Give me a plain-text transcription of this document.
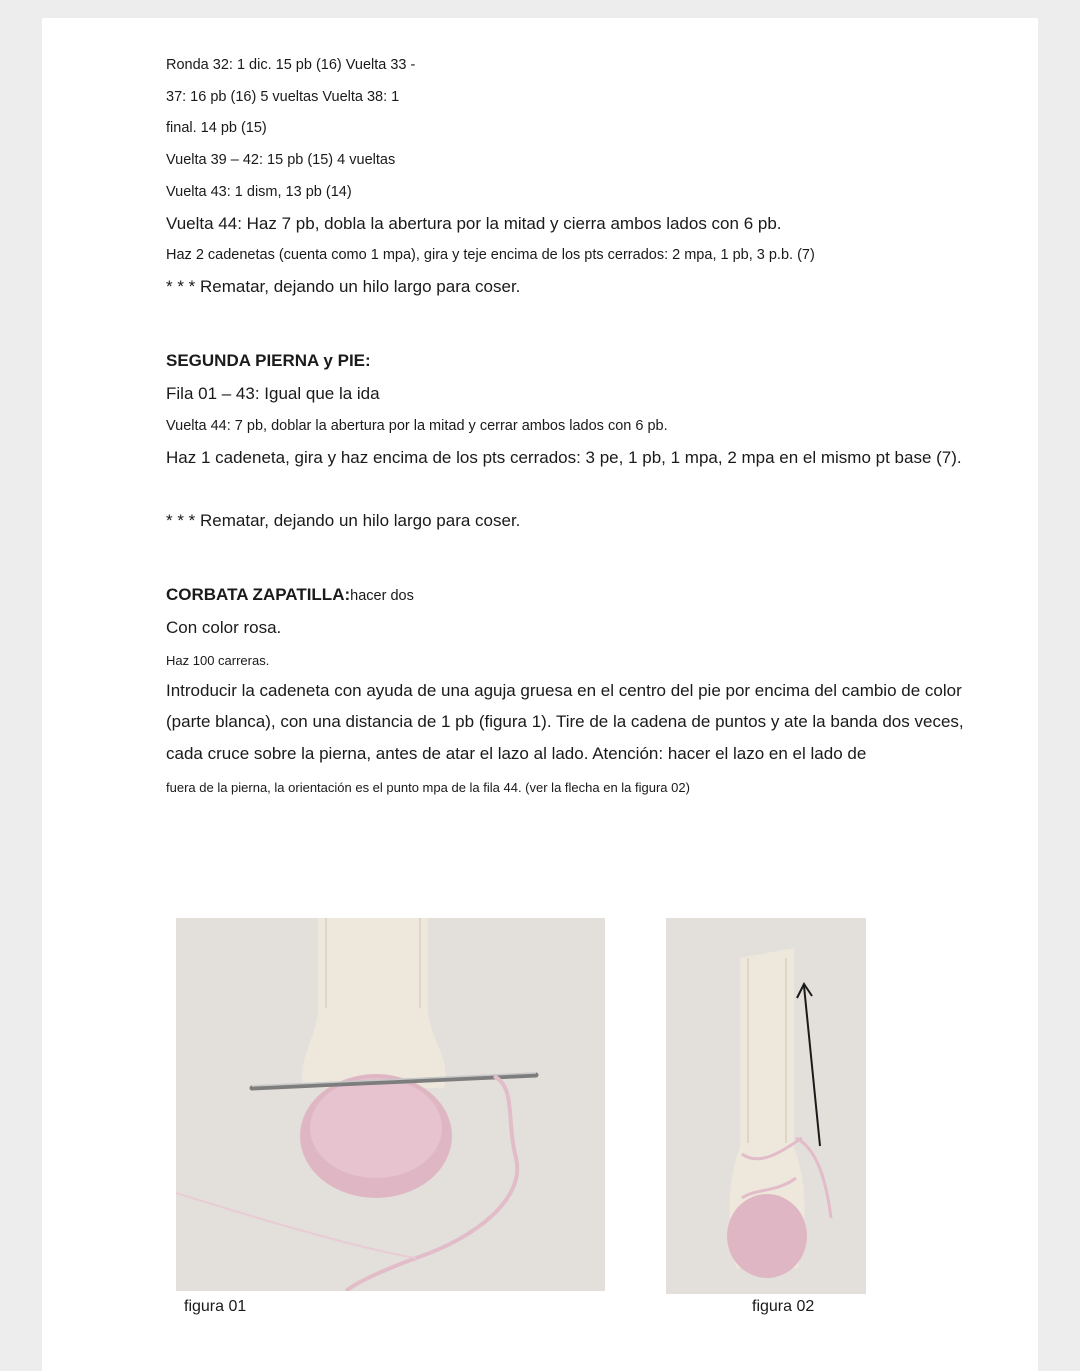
Ronda 32: 1 dic. 15 pb (16) Vuelta 33 -
37: 16 pb (16) 5 vueltas Vuelta 38: 1
final. 14 pb (15)
Vuelta 39 – 42: 15 pb (15) 4 vueltas
Vuelta 43: 1 dism, 13 pb (14)
Vuelta 44: Haz 7 pb, dobla la abertura por la mitad y cierra ambos lados con 6 pb.
Haz 2 cadenetas (cuenta como 1 mpa), gira y teje encima de los pts cerrados: 2 mpa, 1 pb, 3 p.b. (7)
* * * Rematar, dejando un hilo largo para coser.
SEGUNDA PIERNA y PIE:
Fila 01 – 43: Igual que la ida
Vuelta 44: 7 pb, doblar la abertura por la mitad y cerrar ambos lados con 6 pb.
Haz 1 cadeneta, gira y haz encima de los pts cerrados: 3 pe, 1 pb, 1 mpa, 2 mpa en el mismo pt base (7).
* * * Rematar, dejando un hilo largo para coser.
CORBATA ZAPATILLA:hacer dos
Con color rosa.
Haz 100 carreras.
Introducir la cadeneta con ayuda de una aguja gruesa en el centro del pie por encima del cambio de color
(parte blanca), con una distancia de 1 pb (figura 1). Tire de la cadena de puntos y ate la banda dos veces,
cada cruce sobre la pierna, antes de atar el lazo al lado. Atención: hacer el lazo en el lado de
fuera de la pierna, la orientación es el punto mpa de la fila 44. (ver la flecha en la figura 02)
figura 01	figura 02
